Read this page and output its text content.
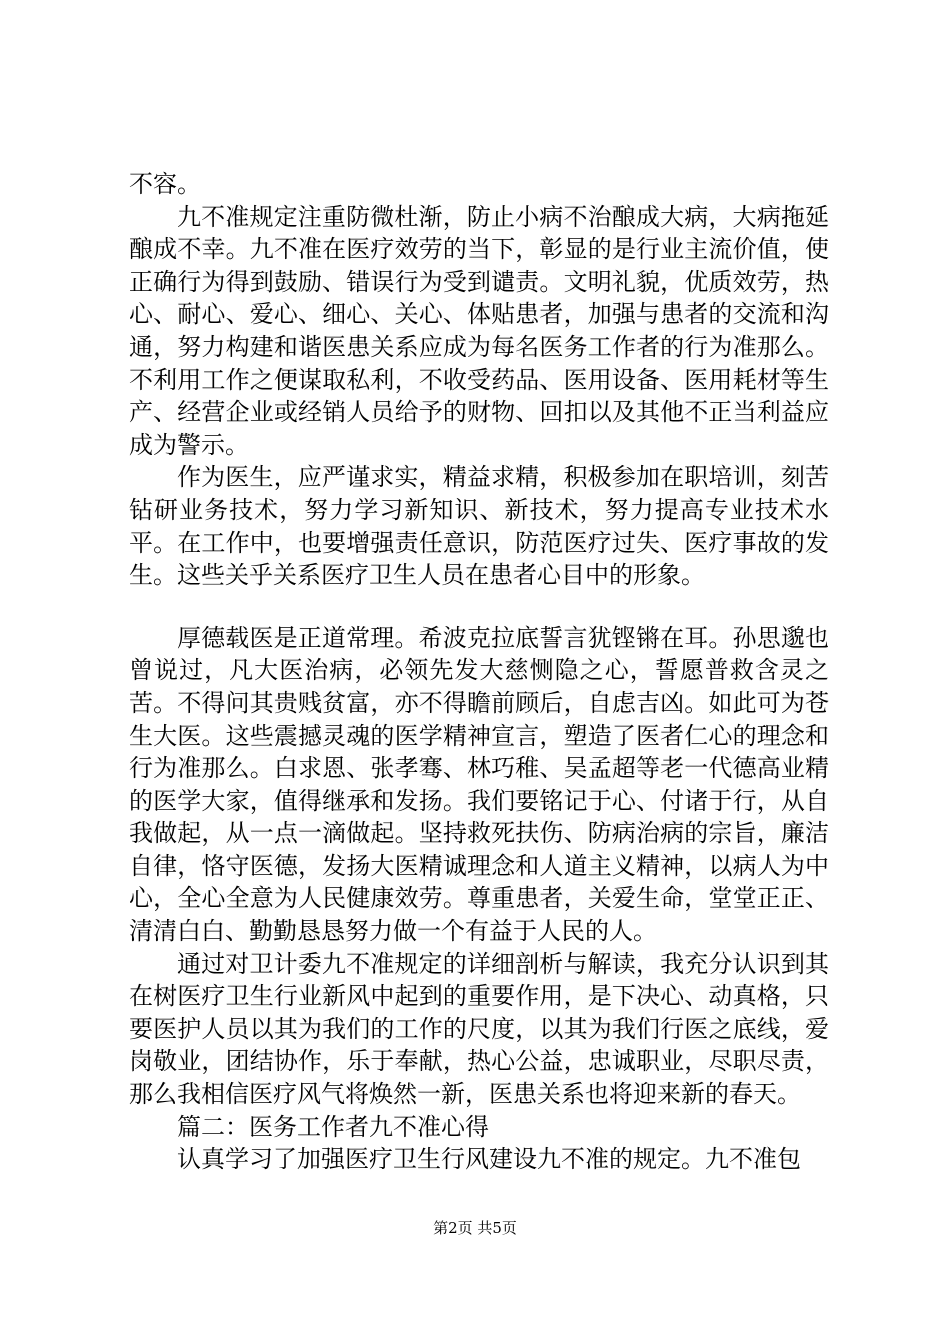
不容。

九不准规定注重防微杜渐，防止小病不治酿成大病，大病拖延酿成不幸。九不准在医疗效劳的当下，彰显的是行业主流价值，使正确行为得到鼓励、错误行为受到谴责。文明礼貌，优质效劳，热心、耐心、爱心、细心、关心、体贴患者，加强与患者的交流和沟通，努力构建和谐医患关系应成为每名医务工作者的行为准那么。不利用工作之便谋取私利，不收受药品、医用设备、医用耗材等生产、经营企业或经销人员给予的财物、回扣以及其他不正当利益应成为警示。

作为医生，应严谨求实，精益求精，积极参加在职培训，刻苦钻研业务技术，努力学习新知识、新技术，努力提高专业技术水平。在工作中，也要增强责任意识，防范医疗过失、医疗事故的发生。这些关乎关系医疗卫生人员在患者心目中的形象。

厚德载医是正道常理。希波克拉底誓言犹铿锵在耳。孙思邈也曾说过，凡大医治病，必领先发大慈恻隐之心，誓愿普救含灵之苦。不得问其贵贱贫富，亦不得瞻前顾后，自虑吉凶。如此可为苍生大医。这些震撼灵魂的医学精神宣言，塑造了医者仁心的理念和行为准那么。白求恩、张孝骞、林巧稚、吴孟超等老一代德高业精的医学大家，值得继承和发扬。我们要铭记于心、付诸于行，从自我做起，从一点一滴做起。坚持救死扶伤、防病治病的宗旨，廉洁自律，恪守医德，发扬大医精诚理念和人道主义精神，以病人为中心，全心全意为人民健康效劳。尊重患者，关爱生命，堂堂正正、清清白白、勤勤恳恳努力做一个有益于人民的人。

通过对卫计委九不准规定的详细剖析与解读，我充分认识到其在树医疗卫生行业新风中起到的重要作用，是下决心、动真格，只要医护人员以其为我们的工作的尺度，以其为我们行医之底线，爱岗敬业，团结协作，乐于奉献，热心公益，忠诚职业，尽职尽责，那么我相信医疗风气将焕然一新，医患关系也将迎来新的春天。

篇二：医务工作者九不准心得

认真学习了加强医疗卫生行风建设九不准的规定。九不准包

第2页 共5页
